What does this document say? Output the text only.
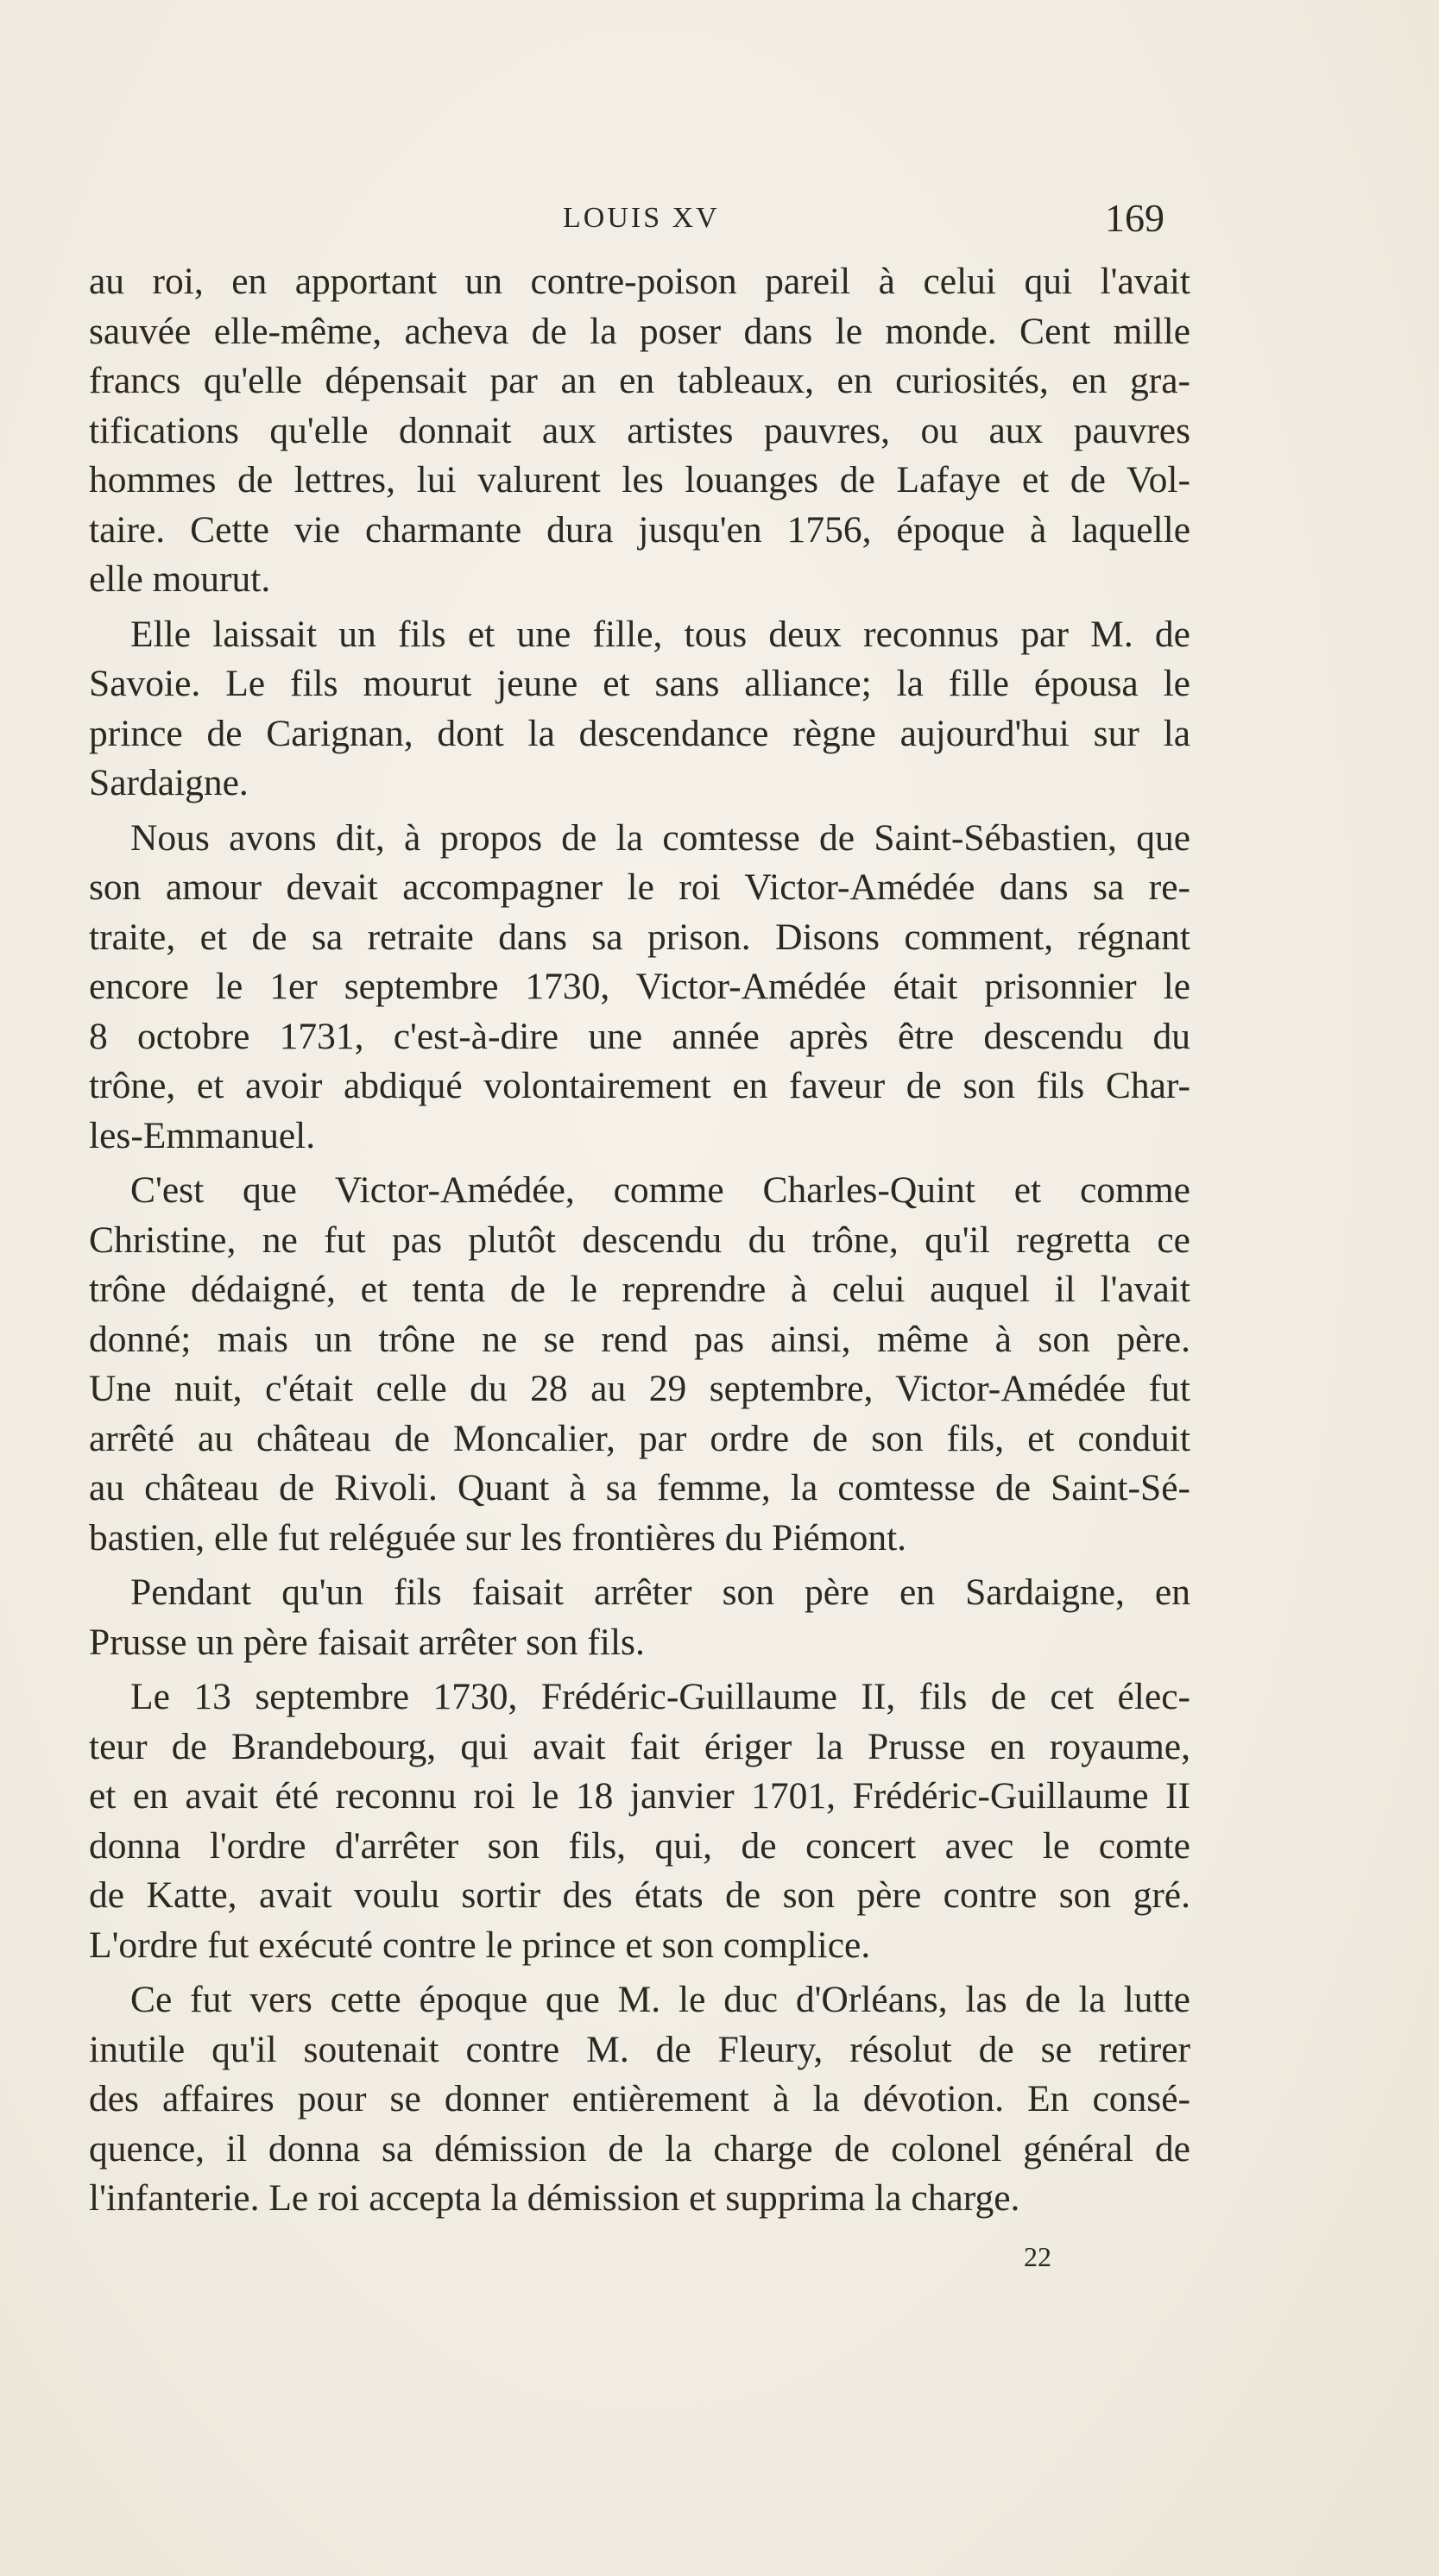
LOUIS XV	169
au roi, en apportant un contre-poison pareil à celui qui l'avait
sauvée elle-même, acheva de la poser dans le monde. Cent mille
francs qu'elle dépensait par an en tableaux, en curiosités, en gra-
tifications qu'elle donnait aux artistes pauvres, ou aux pauvres
hommes de lettres, lui valurent les louanges de Lafaye et de Vol-
taire. Cette vie charmante dura jusqu'en 1756, époque à laquelle
elle mourut.
Elle laissait un fils et une fille, tous deux reconnus par M. de
Savoie. Le fils mourut jeune et sans alliance; la fille épousa le
prince de Carignan, dont la descendance règne aujourd'hui sur la
Sardaigne.
Nous avons dit, à propos de la comtesse de Saint-Sébastien, que
son amour devait accompagner le roi Victor-Amédée dans sa re-
traite, et de sa retraite dans sa prison. Disons comment, régnant
encore le 1er septembre 1730, Victor-Amédée était prisonnier le
8 octobre 1731, c'est-à-dire une année après être descendu du
trône, et avoir abdiqué volontairement en faveur de son fils Char-
les-Emmanuel.
C'est que Victor-Amédée, comme Charles-Quint et comme
Christine, ne fut pas plutôt descendu du trône, qu'il regretta ce
trône dédaigné, et tenta de le reprendre à celui auquel il l'avait
donné; mais un trône ne se rend pas ainsi, même à son père.
Une nuit, c'était celle du 28 au 29 septembre, Victor-Amédée fut
arrêté au château de Moncalier, par ordre de son fils, et conduit
au château de Rivoli. Quant à sa femme, la comtesse de Saint-Sé-
bastien, elle fut reléguée sur les frontières du Piémont.
Pendant qu'un fils faisait arrêter son père en Sardaigne, en
Prusse un père faisait arrêter son fils.
Le 13 septembre 1730, Frédéric-Guillaume II, fils de cet élec-
teur de Brandebourg, qui avait fait ériger la Prusse en royaume,
et en avait été reconnu roi le 18 janvier 1701, Frédéric-Guillaume II
donna l'ordre d'arrêter son fils, qui, de concert avec le comte
de Katte, avait voulu sortir des états de son père contre son gré.
L'ordre fut exécuté contre le prince et son complice.
Ce fut vers cette époque que M. le duc d'Orléans, las de la lutte
inutile qu'il soutenait contre M. de Fleury, résolut de se retirer
des affaires pour se donner entièrement à la dévotion. En consé-
quence, il donna sa démission de la charge de colonel général de
l'infanterie. Le roi accepta la démission et supprima la charge.
22
